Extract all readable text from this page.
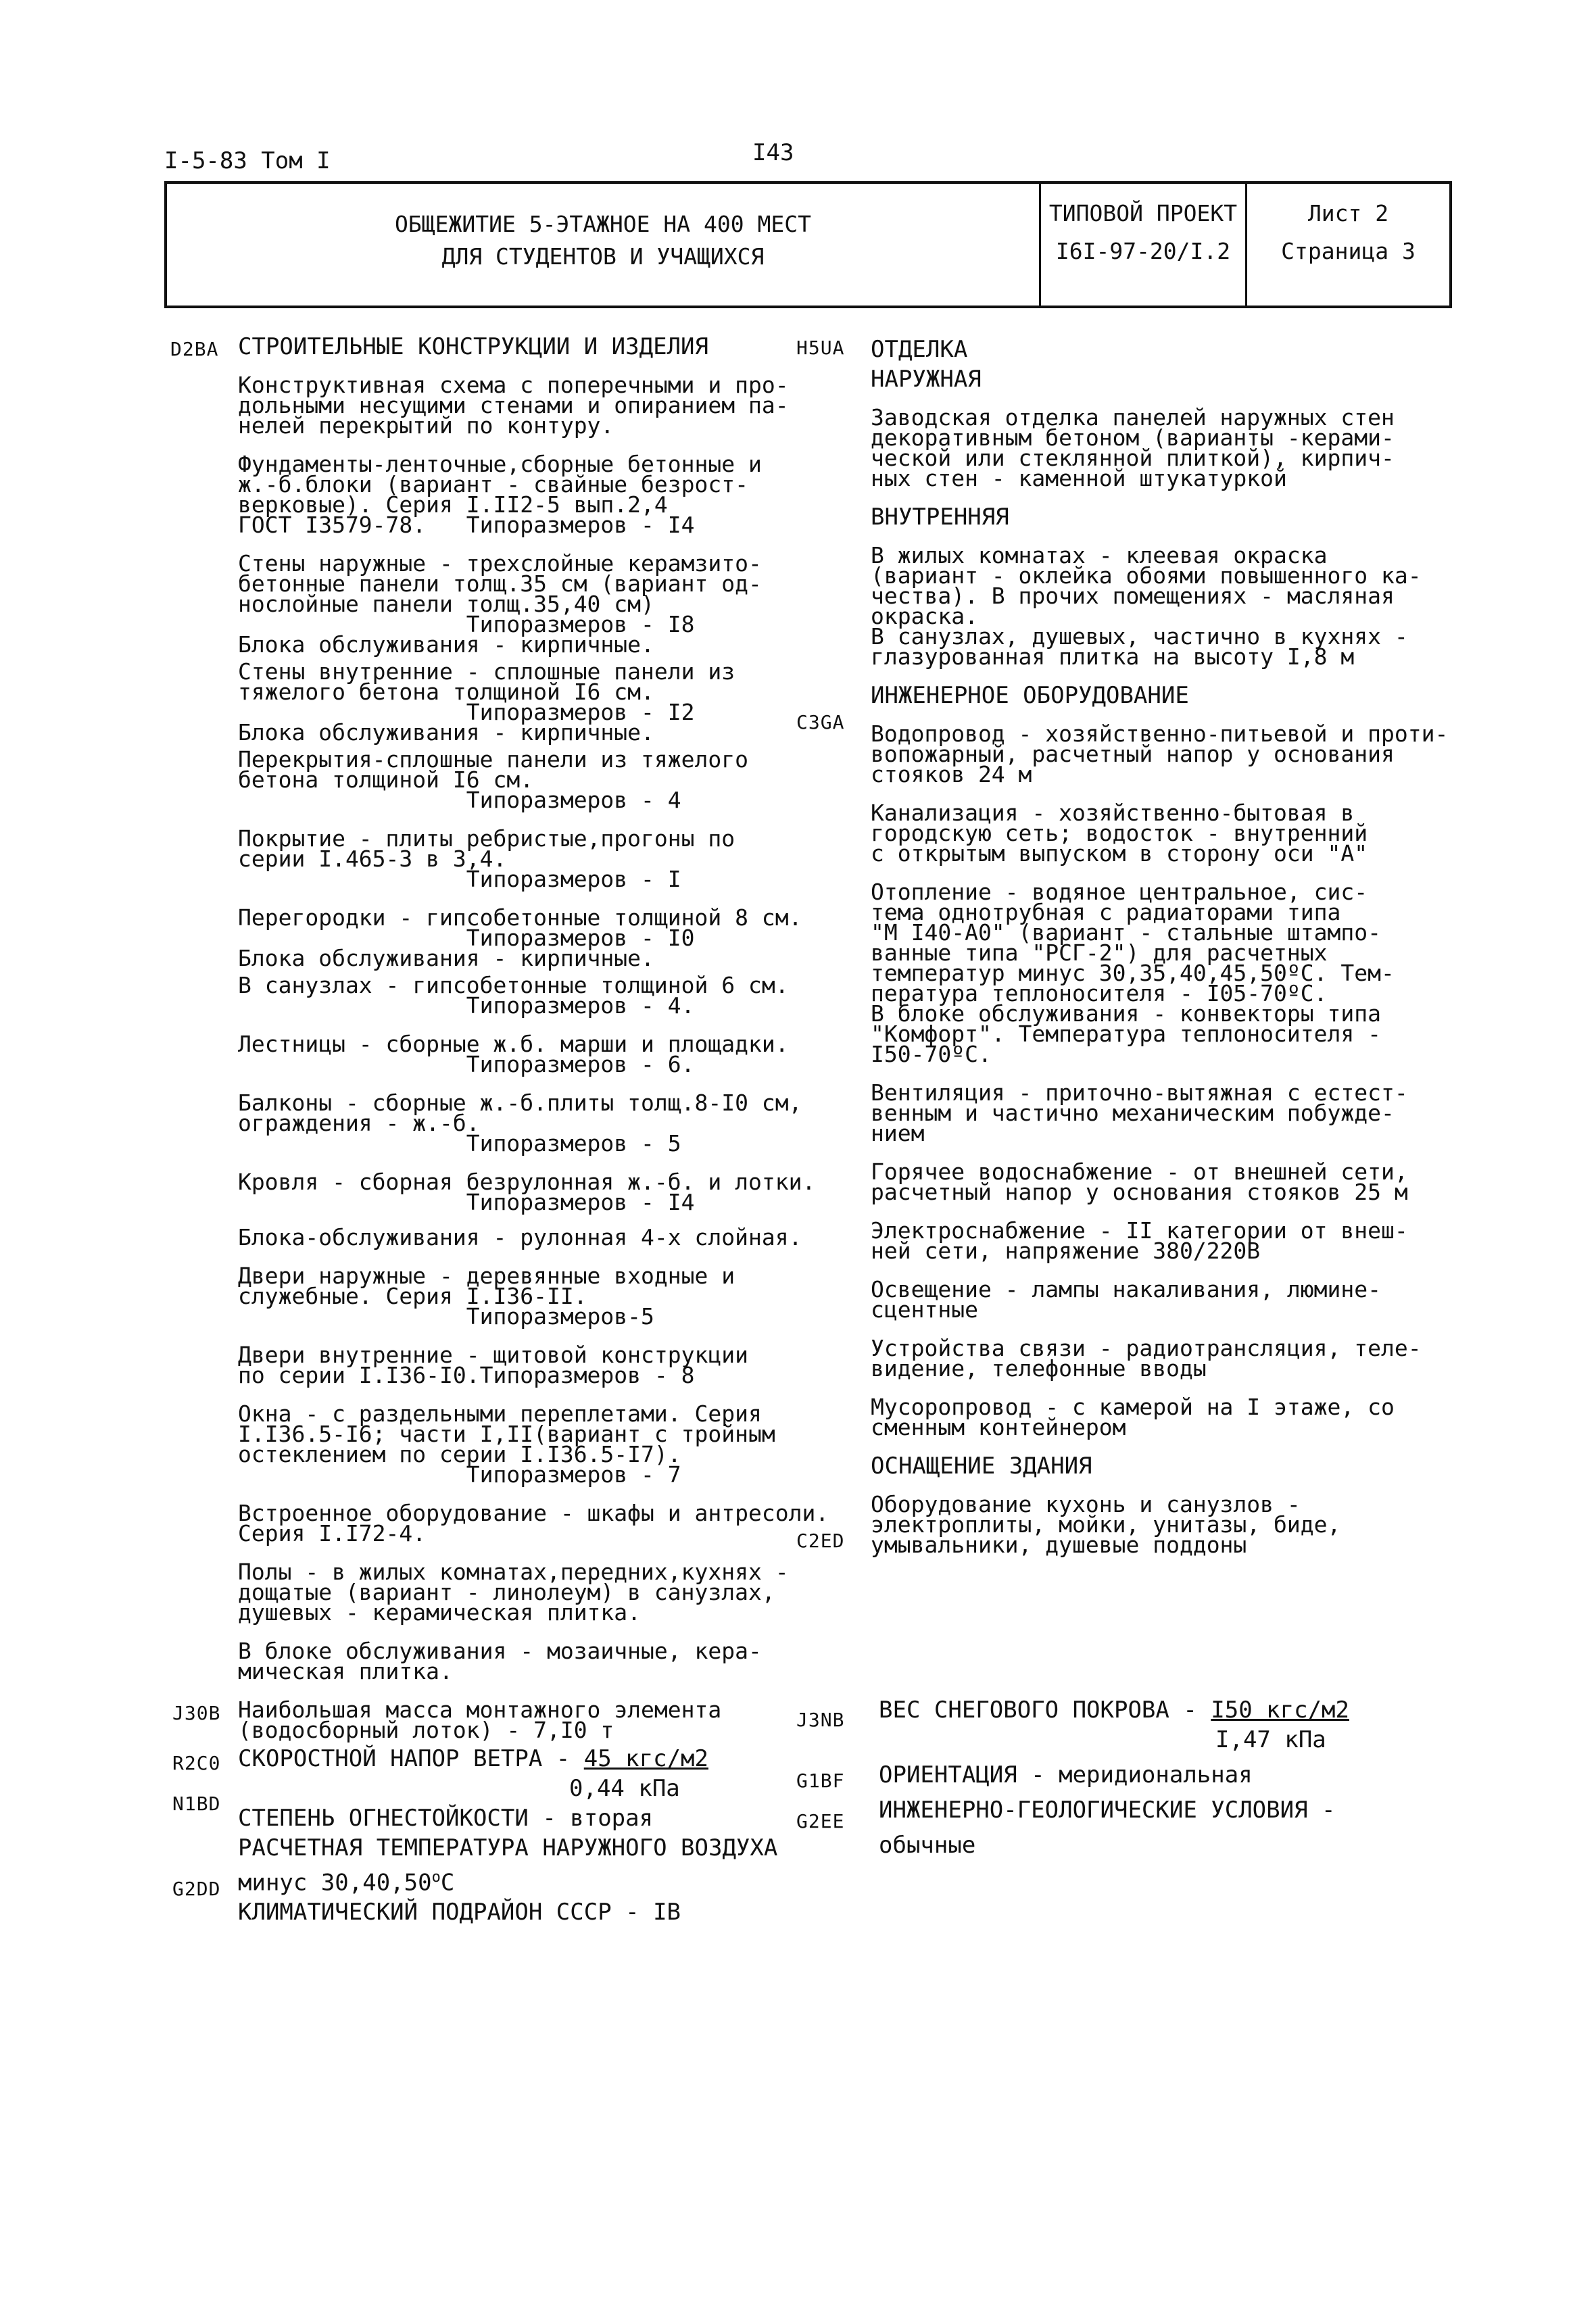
I-5-83 Том I	I43
ОБЩЕЖИТИЕ 5-ЭТАЖНОЕ НА 400 МЕСТ
ДЛЯ СТУДЕНТОВ И УЧАЩИХСЯ
ТИПОВОЙ ПРОЕКТ
I6I-97-20/I.2
Лист 2
Страница 3
D2BA
J30B
R2C0
N1BD
G2DD
H5UA
C3GA
C2ED
J3NB
G1BF
G2EE

СТРОИТЕЛЬНЫЕ КОНСТРУКЦИИ И ИЗДЕЛИЯ

Конструктивная схема с поперечными и про-

дольными несущими стенами и опиранием па-

нелей перекрытий по контуру.

Фундаменты-ленточные,сборные бетонные и

ж.-б.блоки (вариант - свайные безрост-

верковые). Серия I.II2-5 вып.2,4

ГОСТ I3579-78.   Типоразмеров - I4

Стены наружные - трехслойные керамзито-

бетонные панели толщ.35 см (вариант од-

нослойные панели толщ.35,40 см)

Типоразмеров - I8

Блока обслуживания - кирпичные.

Стены внутренние - сплошные панели из

тяжелого бетона толщиной I6 см.

Типоразмеров - I2

Блока обслуживания - кирпичные.

Перекрытия-сплошные панели из тяжелого

бетона толщиной I6 см.

Типоразмеров - 4

Покрытие - плиты ребристые,прогоны по

серии I.465-3 в 3,4.

Типоразмеров - I

Перегородки - гипсобетонные толщиной 8 см.

Типоразмеров - I0

Блока обслуживания - кирпичные.

В санузлах - гипсобетонные толщиной 6 см.

Типоразмеров - 4.

Лестницы - сборные ж.б. марши и площадки.

Типоразмеров - 6.

Балконы - сборные ж.-б.плиты толщ.8-I0 см,

ограждения - ж.-б.

Типоразмеров - 5

Кровля - сборная безрулонная ж.-б. и лотки.

Типоразмеров - I4

Блока-обслуживания - рулонная 4-х слойная.

Двери наружные - деревянные входные и

служебные. Серия I.I36-II.

Типоразмеров-5

Двери внутренние - щитовой конструкции

по серии I.I36-I0.Типоразмеров - 8

Окна - с раздельными переплетами. Серия

I.I36.5-I6; части I,II(вариант с тройным

остеклением по серии I.I36.5-I7).

Типоразмеров - 7

Встроенное оборудование - шкафы и антресоли.

Серия I.I72-4.

Полы - в жилых комнатах,передних,кухнях -

дощатые (вариант - линолеум) в санузлах,

душевых - керамическая плитка.

В блоке обслуживания - мозаичные, кера-

мическая плитка.

Наибольшая масса монтажного элемента

(водосборный лоток) - 7,I0 т

СКОРОСТНОЙ НАПОР ВЕТРА - 45 кгс/м2

0,44 кПа

СТЕПЕНЬ ОГНЕСТОЙКОСТИ - вторая

РАСЧЕТНАЯ ТЕМПЕРАТУРА НАРУЖНОГО ВОЗДУХА

минус 30,40,50$^o$C

КЛИМАТИЧЕСКИЙ ПОДРАЙОН СССР - IB

ОТДЕЛКА

НАРУЖНАЯ

Заводская отделка панелей наружных стен

декоративным бетоном (варианты -керами-

ческой или стеклянной плиткой), кирпич-

ных стен - каменной штукатуркой

ВНУТРЕННЯЯ

В жилых комнатах - клеевая окраска

(вариант - оклейка обоями повышенного ка-

чества). В прочих помещениях - масляная

окраска.

В санузлах, душевых, частично в кухнях -

глазурованная плитка на высоту I,8 м

ИНЖЕНЕРНОЕ ОБОРУДОВАНИЕ

Водопровод - хозяйственно-питьевой и проти-

вопожарный, расчетный напор у основания

стояков 24 м

Канализация - хозяйственно-бытовая в

городскую сеть; водосток - внутренний

с открытым выпуском в сторону оси "А"

Отопление - водяное центральное, сис-

тема однотрубная с радиаторами типа

"М I40-А0" (вариант - стальные штампо-

ванные типа "РСГ-2") для расчетных

температур минус 30,35,40,45,50ºС. Тем-

пература теплоносителя - I05-70ºС.

В блоке обслуживания - конвекторы типа

"Комфорт". Температура теплоносителя -

I50-70ºС.

Вентиляция - приточно-вытяжная с естест-

венным и частично механическим побужде-

нием

Горячее водоснабжение - от внешней сети,

расчетный напор у основания стояков 25 м

Электроснабжение - II категории от внеш-

ней сети, напряжение 380/220В

Освещение - лампы накаливания, люмине-

сцентные

Устройства связи - радиотрансляция, теле-

видение, телефонные вводы

Мусоропровод - с камерой на I этаже, со

сменным контейнером

ОСНАЩЕНИЕ ЗДАНИЯ

Оборудование кухонь и санузлов -

электроплиты, мойки, унитазы, биде,

умывальники, душевые поддоны

ВЕС СНЕГОВОГО ПОКРОВА - I50 кгс/м2

I,47 кПа

ОРИЕНТАЦИЯ - меридиональная

ИНЖЕНЕРНО-ГЕОЛОГИЧЕСКИЕ УСЛОВИЯ -

обычные
